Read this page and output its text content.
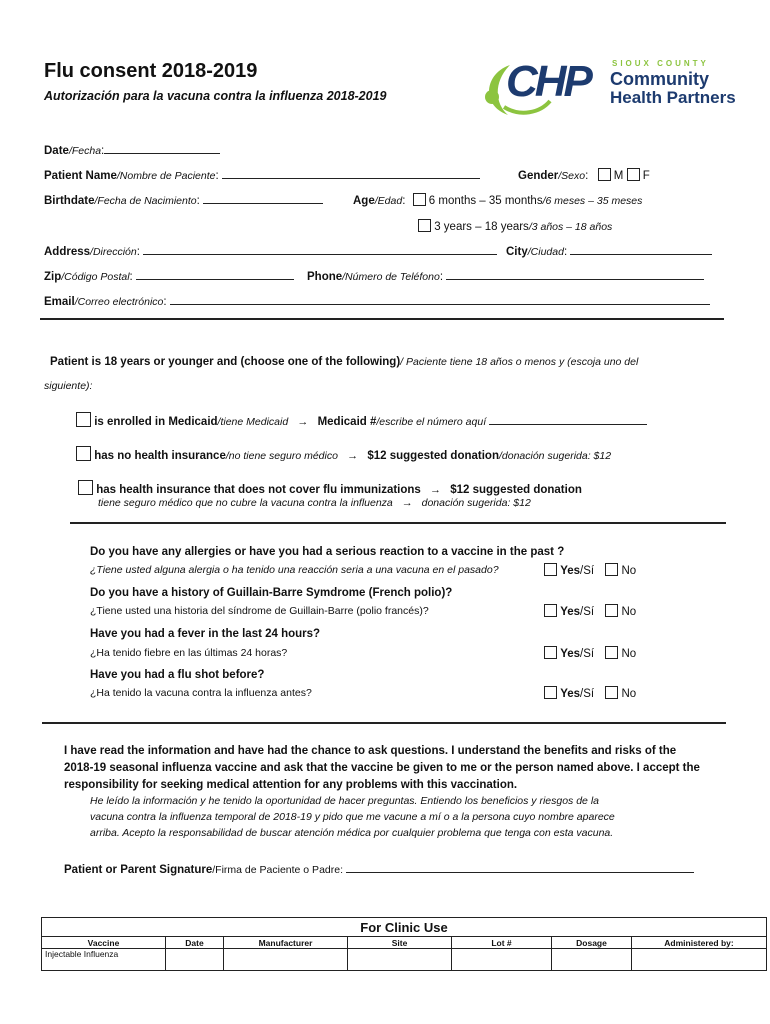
Flu consent 2018-2019
Autorización para la vacuna contra la influenza 2018-2019	CHP	SIOUX COUNTY
Community
Health Partners
Date/Fecha:
Patient Name/Nombre de Paciente:	Gender/Sexo:  M F
Birthdate/Fecha de Nacimiento:	Age/Edad:  6 months – 35 months/6 meses – 35 meses
3 years – 18 years/3 años – 18 años
Address/Dirección:	City/Ciudad:
Zip/Código Postal:	Phone/Número de Teléfono:
Email/Correo electrónico:
Patient is 18 years or younger and (choose one of the following)/ Paciente tiene 18 años o menos y (escoja uno del
siguiente):
is enrolled in Medicaid/tiene Medicaid → Medicaid #/escribe el número aquí
has no health insurance/no tiene seguro médico → $12 suggested donation/donación sugerida: $12
has health insurance that does not cover flu immunizations → $12 suggested donation
tiene seguro médico que no cubre la vacuna contra la influenza → donación sugerida: $12
Do you have any allergies or have you had a serious reaction to a vaccine in the past ?
¿Tiene usted alguna alergia o ha tenido una reacción seria a una vacuna en el pasado?	Yes/Sí No
Do you have a history of Guillain-Barre Symdrome (French polio)?
¿Tiene usted una historia del síndrome de Guillain-Barre (polio francés)?	Yes/Sí No
Have you had a fever in the last 24 hours?
¿Ha tenido fiebre en las últimas 24 horas?	Yes/Sí No
Have you had a flu shot before?
¿Ha tenido la vacuna contra la influenza antes?	Yes/Sí No
I have read the information and have had the chance to ask questions. I understand the benefits and risks of the
2018-19 seasonal influenza vaccine and ask that the vaccine be given to me or the person named above. I accept the
responsibility for seeking medical attention for any problems with this vaccination.
He leído la información y he tenido la oportunidad de hacer preguntas. Entiendo los beneficios y riesgos de la
vacuna contra la influenza temporal de 2018-19 y pido que me vacune a mí o a la persona cuyo nombre aparece
arriba. Acepto la responsabilidad de buscar atención médica por cualquier problema que tenga con esta vacuna.
Patient or Parent Signature/Firma de Paciente o Padre:
For Clinic Use						
Vaccine	Date	Manufacturer	Site	Lot #	Dosage	Administered by:
Injectable Influenza						
